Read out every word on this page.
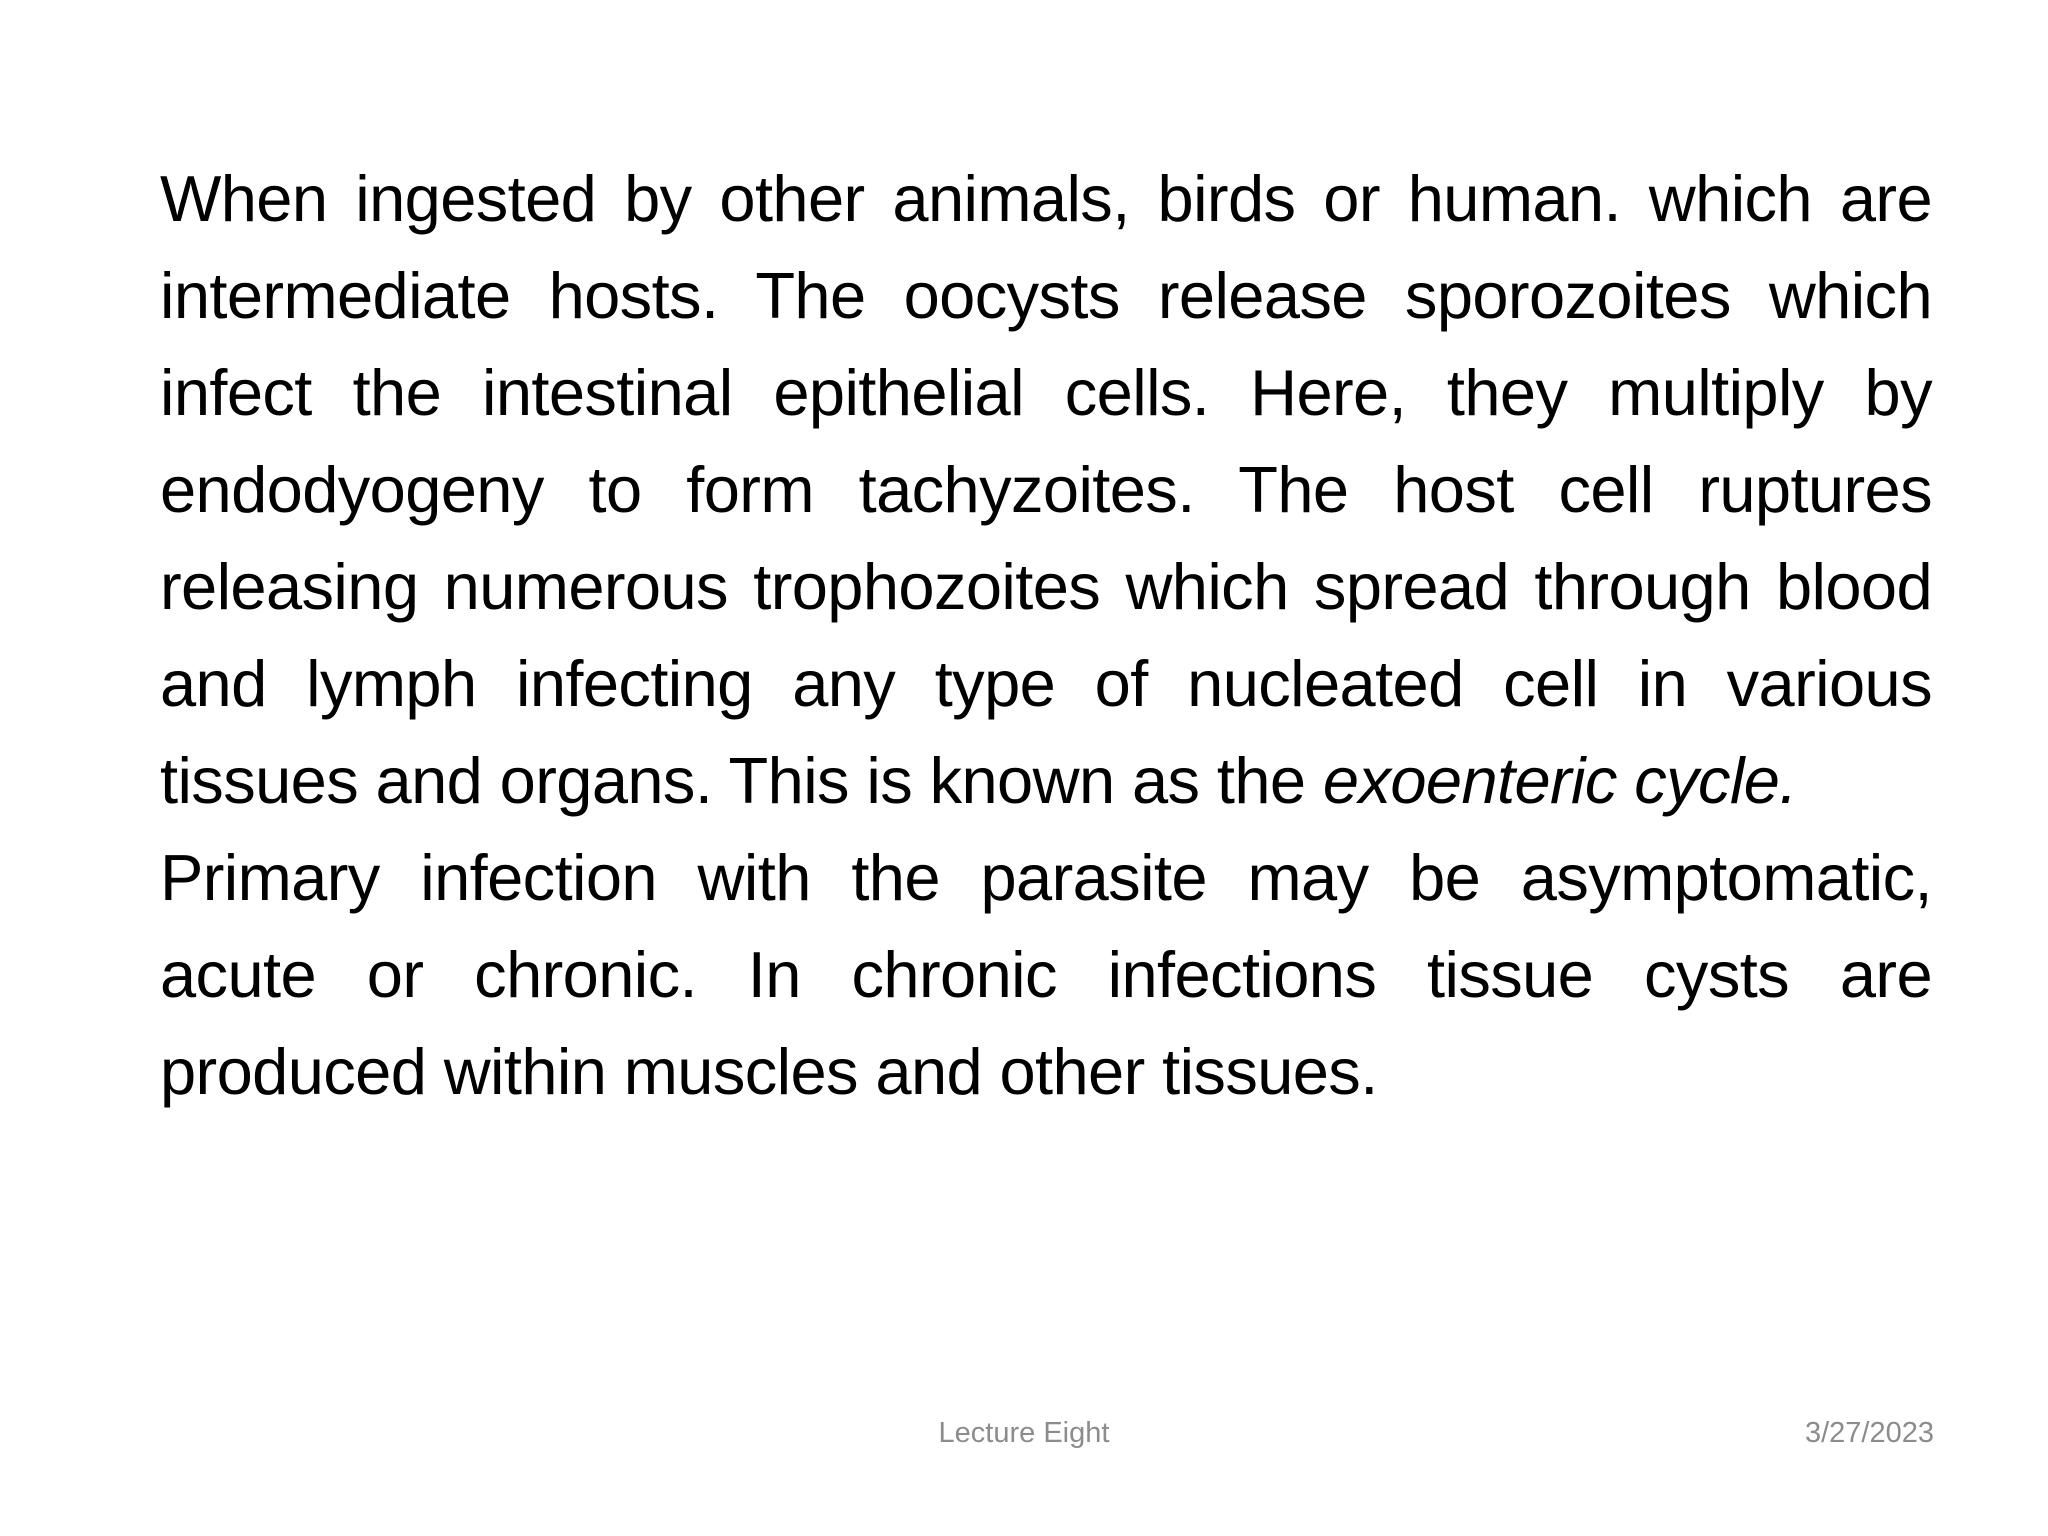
When ingested by other animals, birds or human. which are intermediate hosts. The oocysts release sporozoites which infect the intestinal epithelial cells. Here, they multiply by endodyogeny to form tachyzoites. The host cell ruptures releasing numerous trophozoites which spread through blood and lymph infecting any type of nucleated cell in various tissues and organs. This is known as the exoenteric cycle.

Primary infection with the parasite may be asymptomatic, acute or chronic. In chronic infections tissue cysts are produced within muscles and other tissues.

Lecture Eight	3/27/2023
